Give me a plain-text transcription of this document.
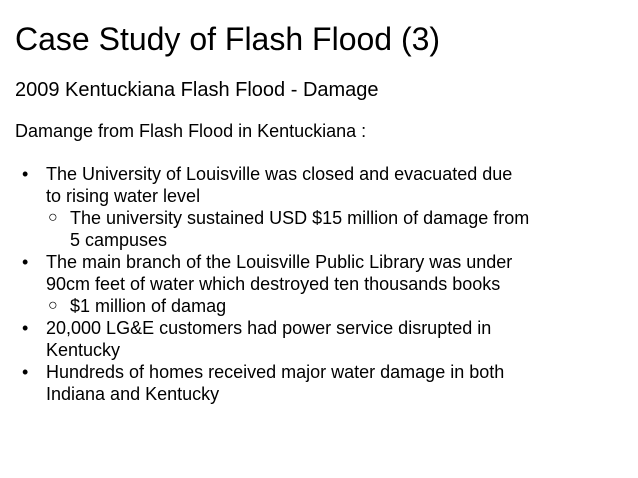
Case Study of Flash Flood (3)
2009 Kentuckiana Flash Flood - Damage
Damange from Flash Flood in Kentuckiana :
• The University of Louisville was closed and evacuated due
to rising water level
○ The university sustained USD $15 million of damage from
5 campuses
• The main branch of the Louisville Public Library was under
90cm feet of water which destroyed ten thousands books
○ $1 million of damag
• 20,000 LG&E customers had power service disrupted in
Kentucky
• Hundreds of homes received major water damage in both
Indiana and Kentucky
